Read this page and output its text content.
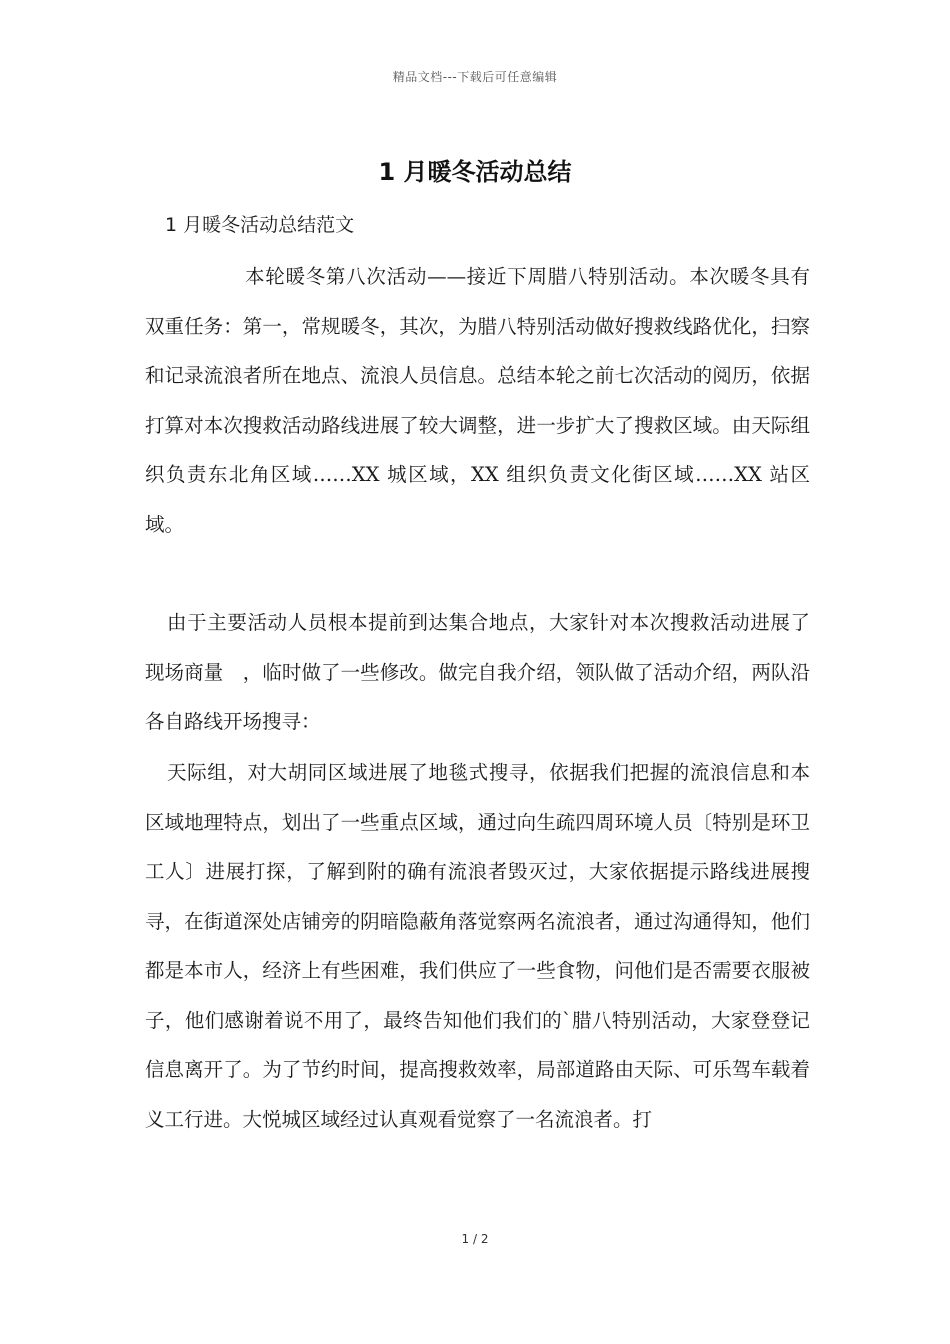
精品文档---下载后可任意编辑
1 月暖冬活动总结
1 月暖冬活动总结范文
本轮暖冬第八次活动——接近下周腊八特别活动。本次暖冬具有双重任务：第一，常规暖冬，其次，为腊八特别活动做好搜救线路优化，扫察和记录流浪者所在地点、流浪人员信息。总结本轮之前七次活动的阅历，依据打算对本次搜救活动路线进展了较大调整，进一步扩大了搜救区域。由天际组织负责东北角区域……XX 城区域，XX 组织负责文化街区域……XX 站区域。
由于主要活动人员根本提前到达集合地点，大家针对本次搜救活动进展了现场商量　，临时做了一些修改。做完自我介绍，领队做了活动介绍，两队沿各自路线开场搜寻：
天际组，对大胡同区域进展了地毯式搜寻，依据我们把握的流浪信息和本区域地理特点，划出了一些重点区域，通过向生疏四周环境人员〔特别是环卫工人〕进展打探，了解到附的确有流浪者毁灭过，大家依据提示路线进展搜寻，在街道深处店铺旁的阴暗隐蔽角落觉察两名流浪者，通过沟通得知，他们都是本市人，经济上有些困难，我们供应了一些食物，问他们是否需要衣服被子，他们感谢着说不用了，最终告知他们我们的`腊八特别活动，大家登登记信息离开了。为了节约时间，提高搜救效率，局部道路由天际、可乐驾车载着义工行进。大悦城区域经过认真观看觉察了一名流浪者。打
1 / 2
